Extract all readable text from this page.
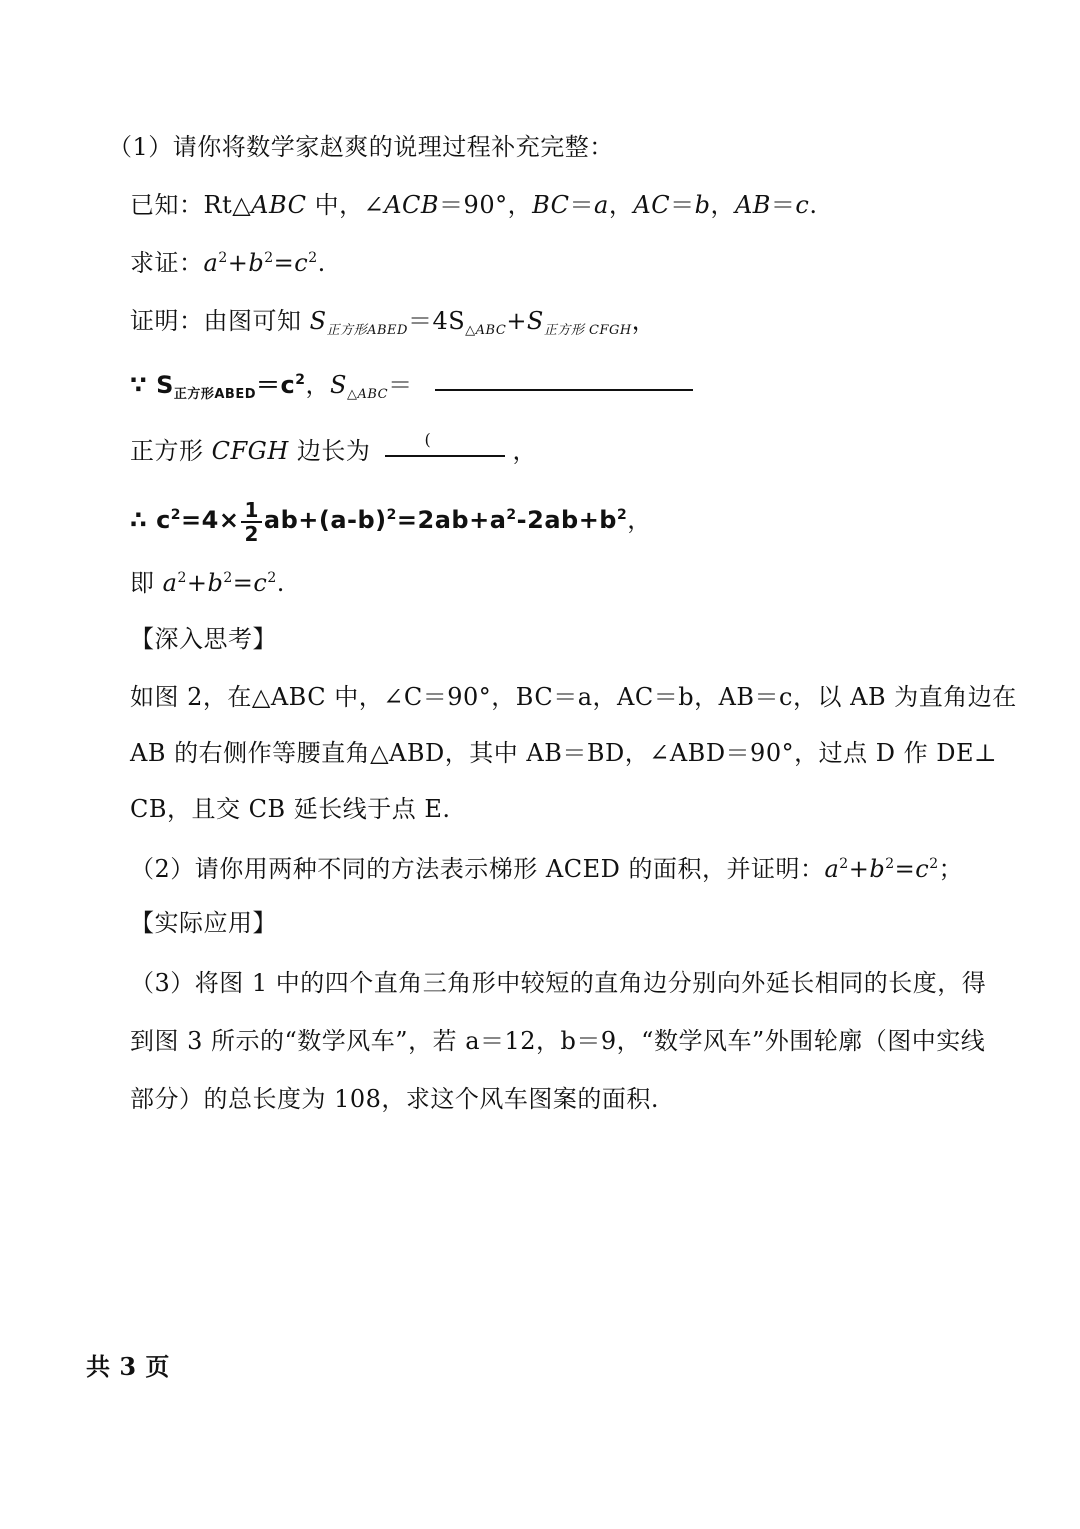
（1）请你将数学家赵爽的说理过程补充完整：
已知：Rt△ABC 中，∠ACB＝90°，BC＝a，AC＝b，AB＝c.
求证：$a^2+b^2=c^2$.
证明：由图可知 $S_{正方形ABED}=4S_{\triangle ABC}+S_{正方形 CFGH}$，
∵ $S_{正方形ABED}=c^2$，$S_{\triangle ABC}=$
正方形 CFGH 边长为	(	，
∴ $c^2=4\times \frac{1}{2} ab+(a-b)^2=2ab+a^2-2ab+b^2$，
即 $a^2+b^2=c^2$.
【深入思考】
如图 2，在△ABC 中，∠C＝90°，BC＝a，AC＝b，AB＝c，以 AB 为直角边在
AB 的右侧作等腰直角△ABD，其中 AB＝BD，∠ABD＝90°，过点 D 作 DE⊥
CB，且交 CB 延长线于点 E.
（2）请你用两种不同的方法表示梯形 ACED 的面积，并证明：$a^2+b^2=c^2$；
【实际应用】
（3）将图 1 中的四个直角三角形中较短的直角边分别向外延长相同的长度，得
到图 3 所示的“数学风车”，若 a＝12，b＝9，“数学风车”外围轮廓（图中实线
部分）的总长度为 108，求这个风车图案的面积.
共 3 页
